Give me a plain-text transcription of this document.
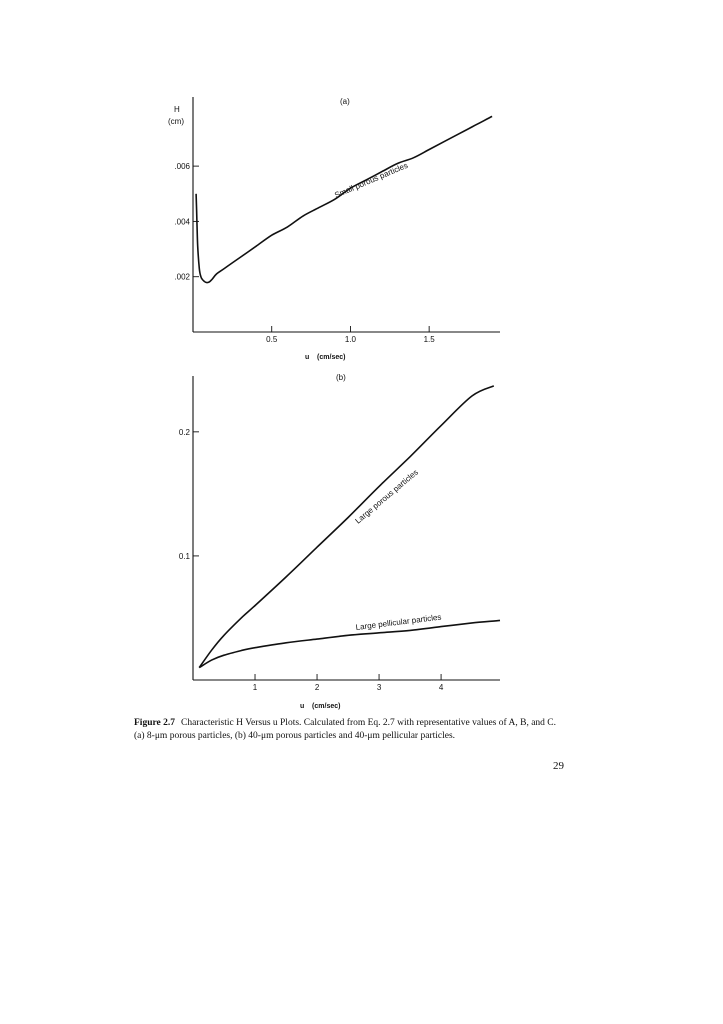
(a)
H
(cm)
.002
.004
.006
0.5	1.0	1.5
Small porous particles
u    (cm/sec)
(b)
0.1
0.2
1	2	3	4
Large porous particles
Large pellicular particles
u    (cm/sec)
Figure 2.7 Characteristic H Versus u Plots. Calculated from Eq. 2.7 with representative values of A, B, and C. (a) 8-μm porous particles, (b) 40-μm porous particles and 40-μm pellicular particles.
29
